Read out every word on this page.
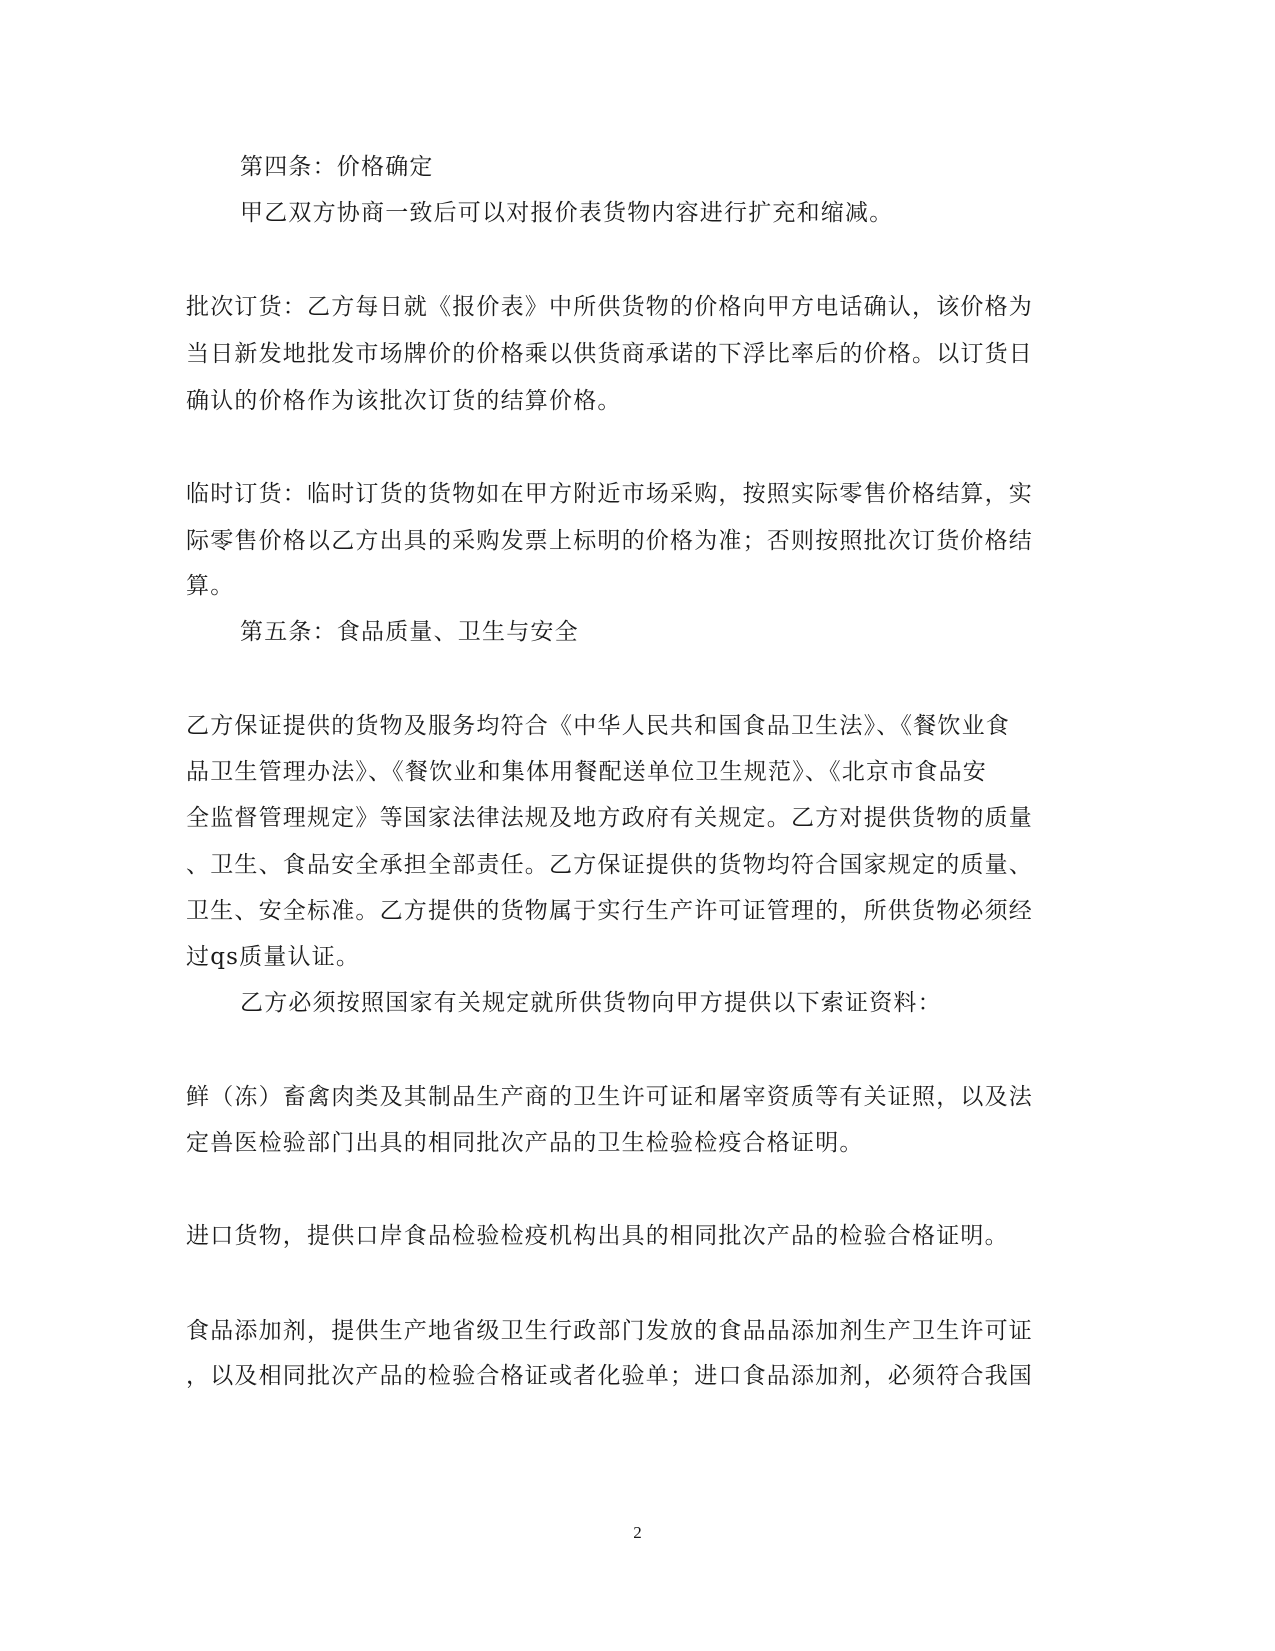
第四条：价格确定
甲乙双方协商一致后可以对报价表货物内容进行扩充和缩减。
批次订货：乙方每日就《报价表》中所供货物的价格向甲方电话确认，该价格为
当日新发地批发市场牌价的价格乘以供货商承诺的下浮比率后的价格。以订货日
确认的价格作为该批次订货的结算价格。
临时订货：临时订货的货物如在甲方附近市场采购，按照实际零售价格结算，实
际零售价格以乙方出具的采购发票上标明的价格为准；否则按照批次订货价格结
算。
第五条：食品质量、卫生与安全
乙方保证提供的货物及服务均符合《中华人民共和国食品卫生法》、《餐饮业食
品卫生管理办法》、《餐饮业和集体用餐配送单位卫生规范》、《北京市食品安
全监督管理规定》等国家法律法规及地方政府有关规定。乙方对提供货物的质量
、卫生、食品安全承担全部责任。乙方保证提供的货物均符合国家规定的质量、
卫生、安全标准。乙方提供的货物属于实行生产许可证管理的，所供货物必须经
过qs质量认证。
乙方必须按照国家有关规定就所供货物向甲方提供以下索证资料：
鲜（冻）畜禽肉类及其制品生产商的卫生许可证和屠宰资质等有关证照，以及法
定兽医检验部门出具的相同批次产品的卫生检验检疫合格证明。
进口货物，提供口岸食品检验检疫机构出具的相同批次产品的检验合格证明。
食品添加剂，提供生产地省级卫生行政部门发放的食品品添加剂生产卫生许可证
，以及相同批次产品的检验合格证或者化验单；进口食品添加剂，必须符合我国
2
